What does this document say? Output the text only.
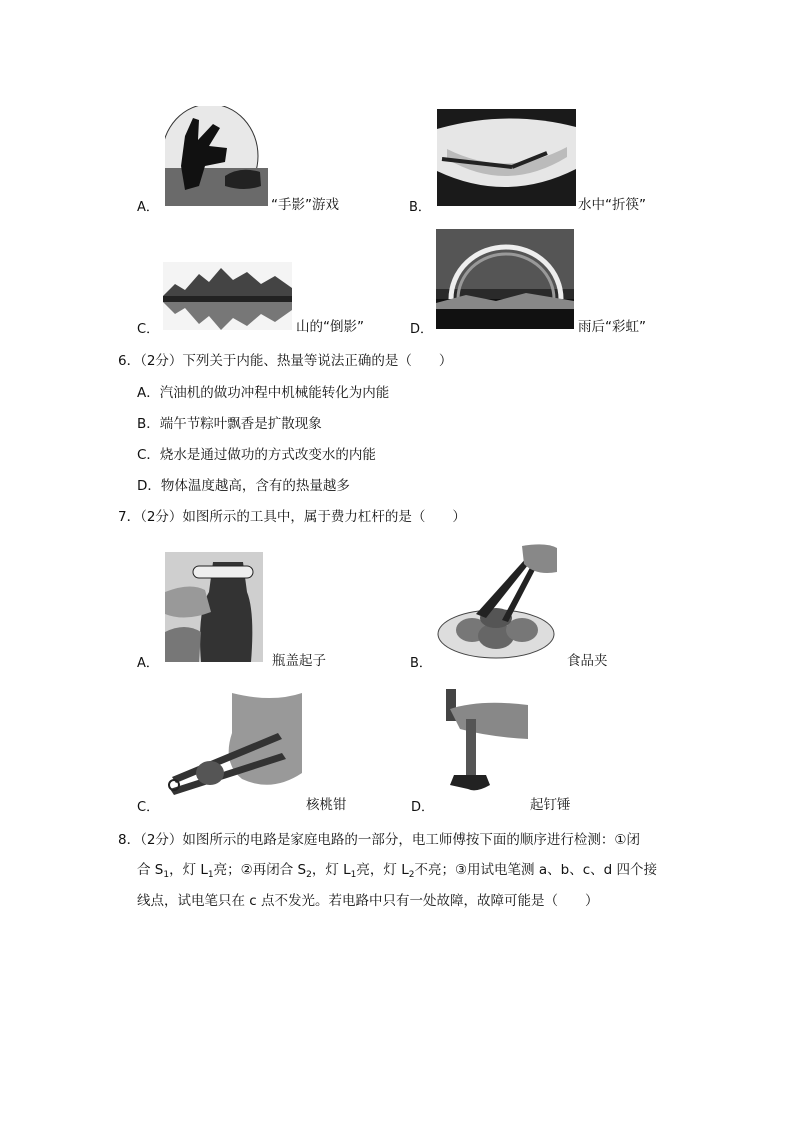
A．	“手影”游戏	B．	水中“折筷”
C．	山的“倒影”	D．	雨后“彩虹”
6．（2分）下列关于内能、热量等说法正确的是（　　）
A．汽油机的做功冲程中机械能转化为内能
B．端午节粽叶飘香是扩散现象
C．烧水是通过做功的方式改变水的内能
D．物体温度越高，含有的热量越多
7．（2分）如图所示的工具中，属于费力杠杆的是（　　）
A．	瓶盖起子	B．	食品夹
C．	核桃钳	D．	起钉锤
8．（2分）如图所示的电路是家庭电路的一部分，电工师傅按下面的顺序进行检测：①闭
合 $S_1$，灯 $L_1$亮；②再闭合 $S_2$，灯 $L_1$亮，灯 $L_2$不亮；③用试电笔测 a、b、c、d 四个接
线点，试电笔只在 c 点不发光。若电路中只有一处故障，故障可能是（　　）
